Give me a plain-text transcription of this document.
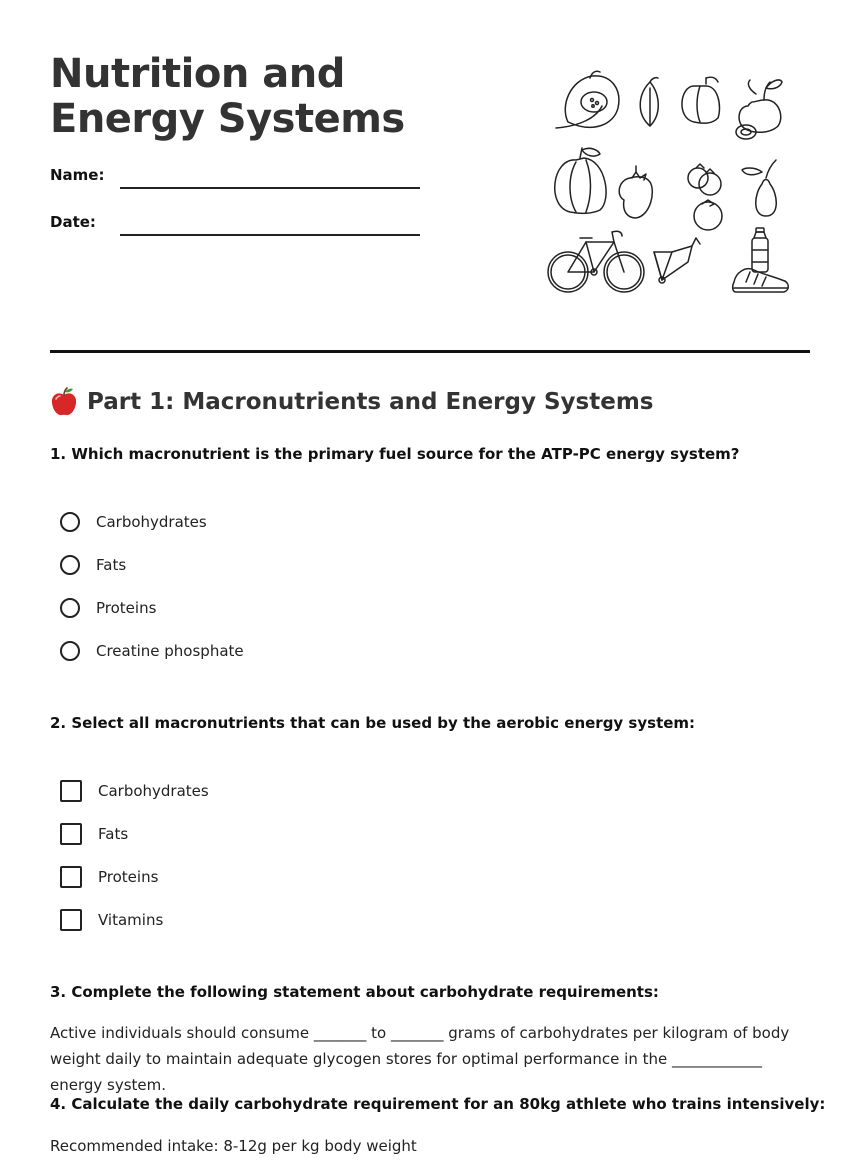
Nutrition and Energy Systems
Name:
Date:
Part 1: Macronutrients and Energy Systems

1. Which macronutrient is the primary fuel source for the ATP-PC energy system?

Carbohydrates
Fats
Proteins
Creatine phosphate

2. Select all macronutrients that can be used by the aerobic energy system:

Carbohydrates
Fats
Proteins
Vitamins

3. Complete the following statement about carbohydrate requirements:

Active individuals should consume _______ to _______ grams of carbohydrates per kilogram of body weight daily to maintain adequate glycogen stores for optimal performance in the ____________ energy system.

4. Calculate the daily carbohydrate requirement for an 80kg athlete who trains intensively:

Recommended intake: 8-12g per kg body weight
